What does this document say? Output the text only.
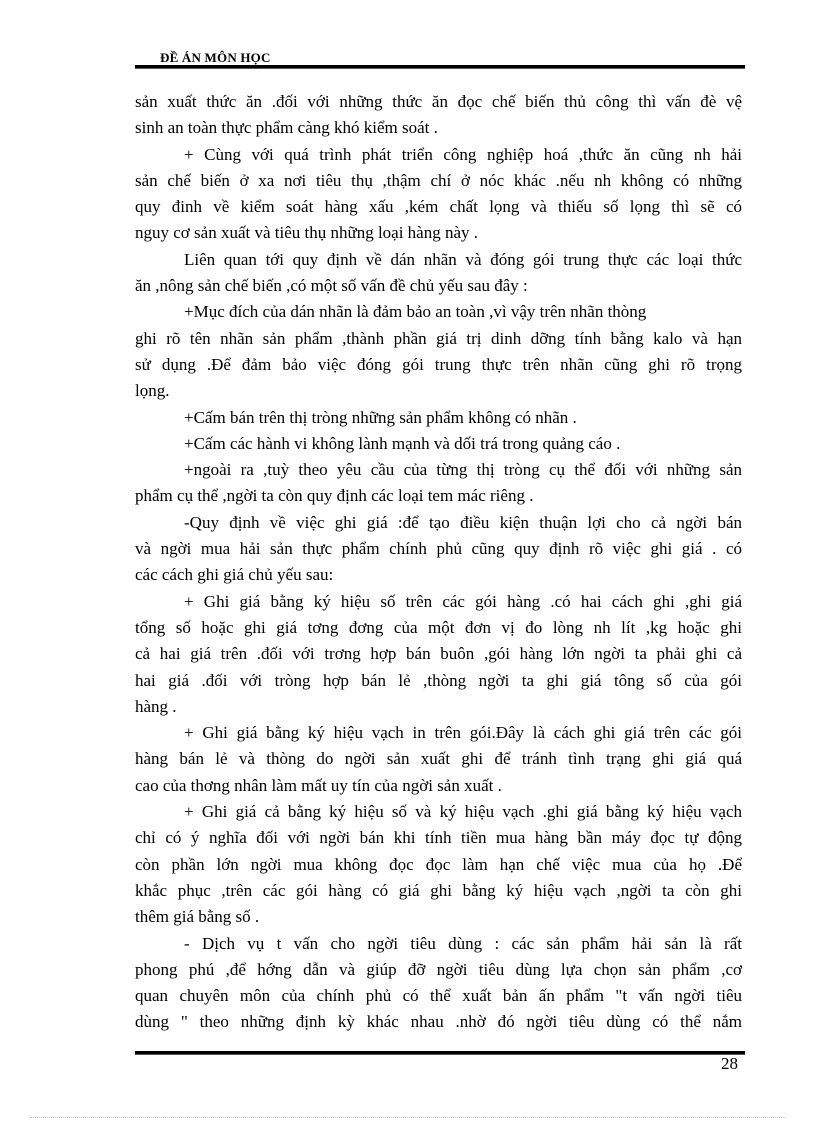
ĐỀ ÁN MÔN HỌC
sản xuất thức ăn .đối với những thức ăn đọc chế biến thủ công thì vấn đè vệ
sinh an toàn thực phẩm càng khó kiểm soát .
+ Cùng với quá trình phát triển công nghiệp hoá ,thức ăn cũng nh hải
sản chế biến ở xa nơi tiêu thụ ,thậm chí ở nóc khác .nếu nh không có những
quy đinh về kiểm soát hàng xấu ,kém chất lọng và thiếu số lọng thì sẽ có
nguy cơ sản xuất và tiêu thụ những loại hàng này .
Liên quan tới quy định về dán nhãn và đóng gói trung thực các loại thức
ăn ,nông sản chế biến ,có một số vấn đề chủ yếu sau đây :
+Mục đích của dán nhãn là đảm bảo an toàn ,vì vậy trên nhãn thòng
ghi rõ tên nhãn sản phẩm ,thành phần giá trị dinh dỡng tính bằng kalo và hạn
sử dụng .Để đảm bảo việc đóng gói trung thực trên nhãn cũng ghi rõ trọng
lọng.
+Cấm bán trên thị tròng những sản phẩm không có nhãn .
+Cấm các hành vi không lành mạnh và dối trá trong quảng cáo .
+ngoài ra ,tuỳ theo yêu cầu của từng thị tròng cụ thể đối với những sản
phẩm cụ thể ,ngời ta còn quy định các loại tem mác riêng .
-Quy định về việc ghi giá :để tạo điều kiện thuận lợi cho cả ngời bán
và ngời mua hải sản thực phẩm chính phủ cũng quy định rõ việc ghi giá . có
các cách ghi giá chủ yếu sau:
+ Ghi giá bằng ký hiệu số trên các gói hàng .có hai cách ghi ,ghi giá
tổng số hoặc ghi giá tơng đơng của một đơn vị đo lòng nh lít ,kg hoặc ghi
cả hai giá trên .đối với trơng hợp bán buôn ,gói hàng lớn ngời ta phải ghi cả
hai giá .đối với tròng hợp bán lẻ ,thòng ngời ta ghi giá tông số của gói
hàng .
+ Ghi giá bằng ký hiệu vạch in trên gói.Đây là cách ghi giá trên các gói
hàng bán lẻ và thòng do ngời sản xuất ghi để tránh tình trạng ghi giá quá
cao của thơng nhân làm mất uy tín của ngời sản xuất .
+ Ghi giá cả bằng ký hiệu số và ký hiệu vạch .ghi giá bằng ký hiệu vạch
chỉ có ý nghĩa đối với ngời bán khi tính tiền mua hàng bần máy đọc tự động
còn phần lớn ngời mua không đọc đọc làm hạn chế việc mua của họ .Để
khắc phục ,trên các gói hàng có giá ghi bằng ký hiệu vạch ,ngời ta còn ghi
thêm giá bằng số .
- Dịch vụ t vấn cho ngời tiêu dùng : các sản phẩm hải sản là rất
phong phú ,để hớng dẫn và giúp đỡ ngời tiêu dùng lựa chọn sản phẩm ,cơ
quan chuyên môn của chính phủ có thể xuất bản ấn phẩm "t vấn ngời tiêu
dùng " theo những định kỳ khác nhau .nhờ đó ngời tiêu dùng có thể nắm
28
